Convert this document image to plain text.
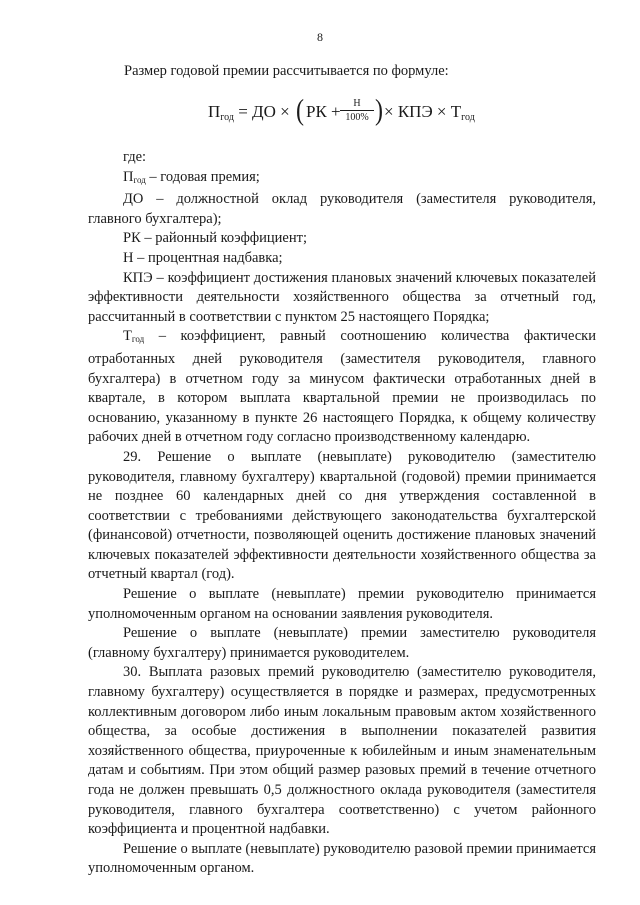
8
Размер годовой премии рассчитывается по формуле:
$П_{год}$ = ДО × ( РК +	Н
100% ) × КПЭ × $Т_{год}$

где:

$П_{год}$ – годовая премия;

ДО – должностной оклад руководителя (заместителя руководителя, главного бухгалтера);

РК – районный коэффициент;

Н – процентная надбавка;

КПЭ – коэффициент достижения плановых значений ключевых показателей эффективности деятельности хозяйственного общества за отчетный год, рассчитанный в соответствии с пунктом 25 настоящего Порядка;

$Т_{год}$ – коэффициент, равный соотношению количества фактически отработанных дней руководителя (заместителя руководителя, главного бухгалтера) в отчетном году за минусом фактически отработанных дней в квартале, в котором выплата квартальной премии не производилась по основанию, указанному в пункте 26 настоящего Порядка, к общему количеству рабочих дней в отчетном году согласно производственному календарю.

29. Решение о выплате (невыплате) руководителю (заместителю руководителя, главному бухгалтеру) квартальной (годовой) премии принимается не позднее 60 календарных дней со дня утверждения составленной в соответствии с требованиями действующего законодательства бухгалтерской (финансовой) отчетности, позволяющей оценить достижение плановых значений ключевых показателей эффективности деятельности хозяйственного общества за отчетный квартал (год).

Решение о выплате (невыплате) премии руководителю принимается уполномоченным органом на основании заявления руководителя.

Решение о выплате (невыплате) премии заместителю руководителя (главному бухгалтеру) принимается руководителем.

30. Выплата разовых премий руководителю (заместителю руководителя, главному бухгалтеру) осуществляется в порядке и размерах, предусмотренных коллективным договором либо иным локальным правовым актом хозяйственного общества, за особые достижения в выполнении показателей развития хозяйственного общества, приуроченные к юбилейным и иным знаменательным датам и событиям. При этом общий размер разовых премий в течение отчетного года не должен превышать 0,5 должностного оклада руководителя (заместителя руководителя, главного бухгалтера соответственно) с учетом районного коэффициента и процентной надбавки.

Решение о выплате (невыплате) руководителю разовой премии принимается уполномоченным органом.
